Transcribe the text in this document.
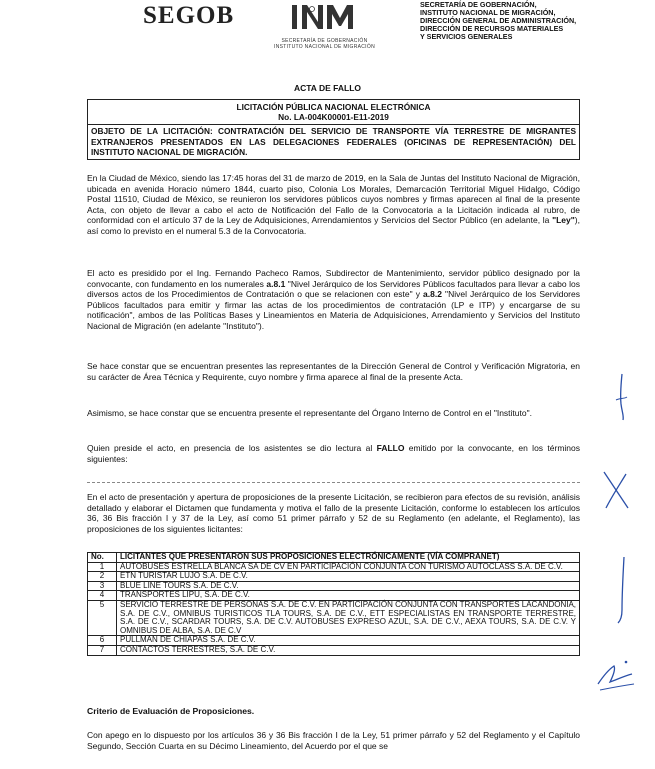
SEGOB
SECRETARÍA DE GOBERNACIÓN
INSTITUTO NACIONAL DE MIGRACIÓN
SECRETARÍA DE GOBERNACIÓN,
INSTITUTO NACIONAL DE MIGRACIÓN,
DIRECCIÓN GENERAL DE ADMINISTRACIÓN,
DIRECCIÓN DE RECURSOS MATERIALES
Y SERVICIOS GENERALES
ACTA DE FALLO
LICITACIÓN PÚBLICA NACIONAL ELECTRÓNICA
No. LA-004K00001-E11-2019
OBJETO DE LA LICITACIÓN: CONTRATACIÓN DEL SERVICIO DE TRANSPORTE VÍA TERRESTRE DE MIGRANTES EXTRANJEROS PRESENTADOS EN LAS DELEGACIONES FEDERALES (OFICINAS DE REPRESENTACIÓN) DEL INSTITUTO NACIONAL DE MIGRACIÓN.
En la Ciudad de México, siendo las 17:45 horas del 31 de marzo de 2019, en la Sala de Juntas del Instituto Nacional de Migración, ubicada en avenida Horacio número 1844, cuarto piso, Colonia Los Morales, Demarcación Territorial Miguel Hidalgo, Código Postal 11510, Ciudad de México, se reunieron los servidores públicos cuyos nombres y firmas aparecen al final de la presente Acta, con objeto de llevar a cabo el acto de Notificación del Fallo de la Convocatoria a la Licitación indicada al rubro, de conformidad con el artículo 37 de la Ley de Adquisiciones, Arrendamientos y Servicios del Sector Público (en adelante, la "Ley"), así como lo previsto en el numeral 5.3 de la Convocatoria.
El acto es presidido por el Ing. Fernando Pacheco Ramos, Subdirector de Mantenimiento, servidor público designado por la convocante, con fundamento en los numerales a.8.1 "Nivel Jerárquico de los Servidores Públicos facultados para llevar a cabo los diversos actos de los Procedimientos de Contratación o que se relacionen con este" y a.8.2 "Nivel Jerárquico de los Servidores Públicos facultados para emitir y firmar las actas de los procedimientos de contratación (LP e ITP) y encargarse de su notificación", ambos de las Políticas Bases y Lineamientos en Materia de Adquisiciones, Arrendamiento y Servicios del Instituto Nacional de Migración (en adelante "Instituto").
Se hace constar que se encuentran presentes las representantes de la Dirección General de Control y Verificación Migratoria, en su carácter de Área Técnica y Requirente, cuyo nombre y firma aparece al final de la presente Acta.
Asimismo, se hace constar que se encuentra presente el representante del Órgano Interno de Control en el "Instituto".
Quien preside el acto, en presencia de los asistentes se dio lectura al FALLO emitido por la convocante, en los términos siguientes:
En el acto de presentación y apertura de proposiciones de la presente Licitación, se recibieron para efectos de su revisión, análisis detallado y elaborar el Dictamen que fundamenta y motiva el fallo de la presente Licitación, conforme lo establecen los artículos 36, 36 Bis fracción I y 37 de la Ley, así como 51 primer párrafo y 52 de su Reglamento (en adelante, el Reglamento), las proposiciones de los siguientes licitantes:
No.	LICITANTES QUE PRESENTARON SUS PROPOSICIONES ELECTRÓNICAMENTE (VÍA COMPRANET)
1	AUTOBUSES ESTRELLA BLANCA SA DE CV EN PARTICIPACIÓN CONJUNTA CON TURISMO AUTOCLASS S.A. DE C.V.
2	ETN TURISTAR LUJO S.A. DE C.V.
3	BLUE LINE TOURS S.A. DE C.V.
4	TRANSPORTES LIPU, S.A. DE C.V.
5	SERVICIO TERRESTRE DE PERSONAS S.A. DE C.V. EN PARTICIPACIÓN CONJUNTA CON TRANSPORTES LACANDONIA, S.A. DE C.V., OMNIBUS TURISTICOS TLA TOURS, S.A. DE C.V., ETT ESPECIALISTAS EN TRANSPORTE TERRESTRE, S.A. DE C.V., SCARDAR TOURS, S.A. DE C.V. AUTOBUSES EXPRESO AZUL, S.A. DE C.V., AEXA TOURS, S.A. DE C.V. Y OMNIBUS DE ALBA, S.A. DE C.V
6	PULLMAN DE CHIAPAS S.A. DE C.V.
7	CONTACTOS TERRESTRES, S.A. DE C.V.
Criterio de Evaluación de Proposiciones.
Con apego en lo dispuesto por los artículos 36 y 36 Bis fracción I de la Ley, 51 primer párrafo y 52 del Reglamento y el Capítulo Segundo, Sección Cuarta en su Décimo Lineamiento, del Acuerdo por el que se
